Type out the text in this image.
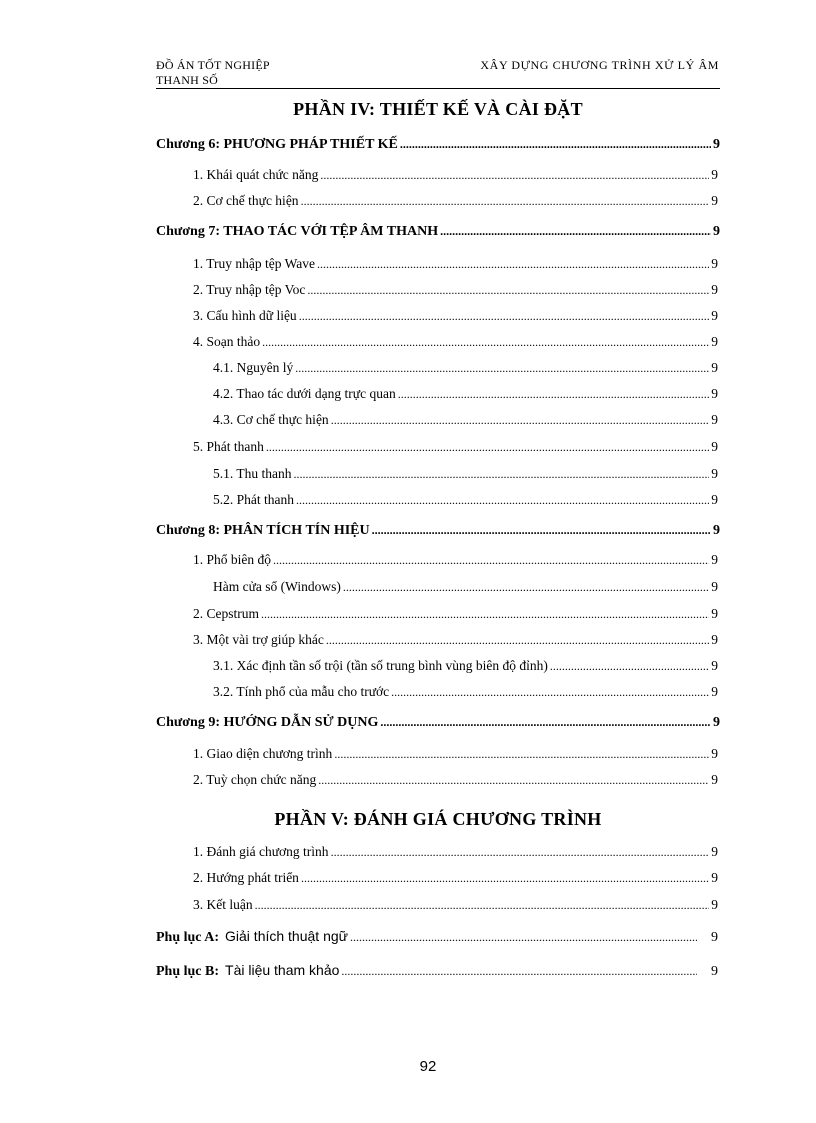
ĐỒ ÁN TỐT NGHIỆP
THANH SỐ
XÂY DỰNG CHƯƠNG TRÌNH XỬ LÝ ÂM
PHẦN IV: THIẾT KẾ VÀ CÀI ĐẶT
Chương 6: PHƯƠNG PHÁP THIẾT KẾ .....	9
1. Khái quát chức năng .....	9
2. Cơ chế thực hiện .....	9
Chương 7: THAO TÁC VỚI TỆP ÂM THANH .....	9
1. Truy nhập tệp Wave .....	9
2. Truy nhập tệp Voc .....	9
3. Cấu hình dữ liệu .....	9
4. Soạn thảo .....	9
4.1. Nguyên lý .....	9
4.2. Thao tác dưới dạng trực quan .....	9
4.3. Cơ chế thực hiện .....	9
5. Phát thanh .....	9
5.1. Thu thanh .....	9
5.2. Phát thanh .....	9
Chương 8: PHÂN TÍCH TÍN HIỆU .....	9
1. Phổ biên độ .....	9
Hàm cửa sổ (Windows) .....	9
2. Cepstrum .....	9
3. Một vài trợ giúp khác .....	9
3.1. Xác định tần số trội (tần số trung bình vùng biên độ đỉnh) .....	9
3.2. Tính phổ của mẫu cho trước .....	9
Chương 9: HƯỚNG DẪN SỬ DỤNG .....	9
1. Giao diện chương trình .....	9
2. Tuỳ chọn chức năng .....	9
PHẦN V: ĐÁNH GIÁ CHƯƠNG TRÌNH
1. Đánh giá chương trình .....	9
2. Hướng phát triển .....	9
3. Kết luận .....	9
Phụ lục A: Giải thích thuật ngữ .....	9
Phụ lục B: Tài liệu tham khảo .....	9
92
